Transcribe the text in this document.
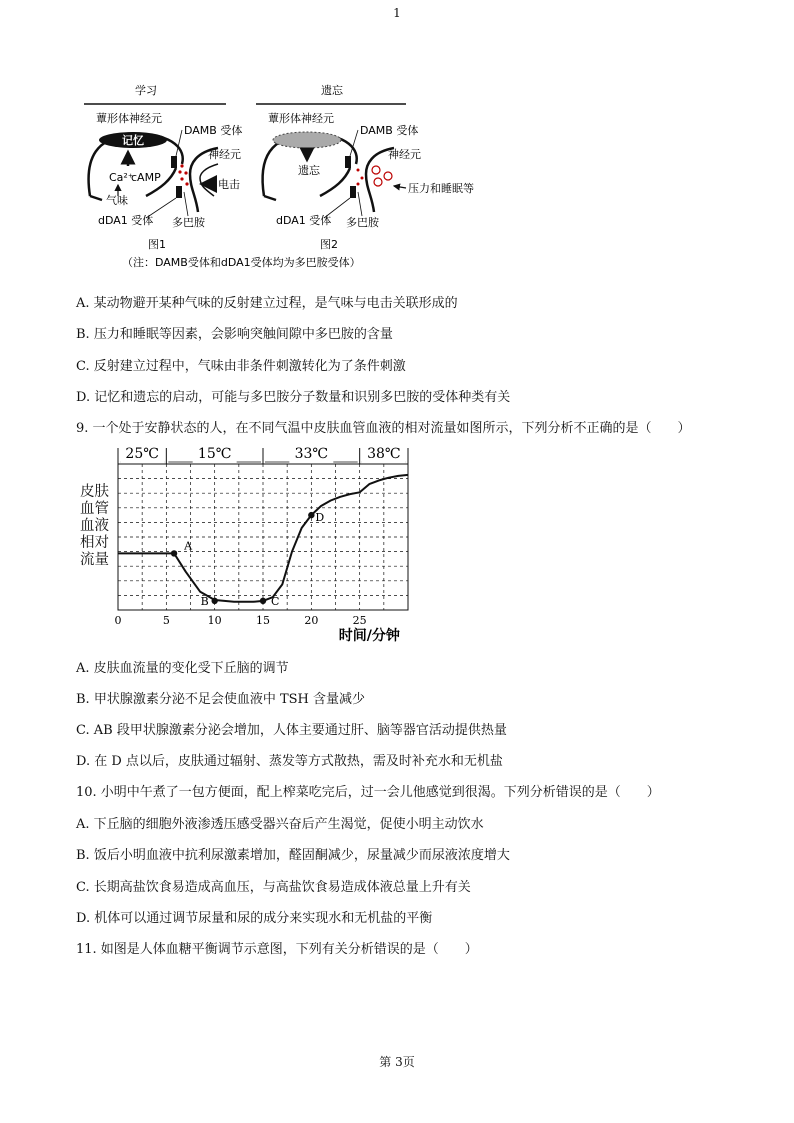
1
学习
蕈形体神经元
记忆
Ca²⁺
cAMP
气味
DAMB 受体
神经元
电击
dDA1 受体 多巴胺
图1
遗忘
蕈形体神经元
遗忘
DAMB 受体
神经元
压力和睡眠等
dDA1 受体 多巴胺
图2
（注：DAMB受体和dDA1受体均为多巴胺受体）
A. 某动物避开某种气味的反射建立过程，是气味与电击关联形成的
B. 压力和睡眠等因素，会影响突触间隙中多巴胺的含量
C. 反射建立过程中，气味由非条件刺激转化为了条件刺激
D. 记忆和遗忘的启动，可能与多巴胺分子数量和识别多巴胺的受体种类有关
9. 一个处于安静状态的人，在不同气温中皮肤血管血液的相对流量如图所示，下列分析不正确的是（　　）
皮肤血管血液相对流量
25℃	15℃	33℃	38℃
0	5	10	15	20	25
时间/分钟
A
B	C
D
A. 皮肤血流量的变化受下丘脑的调节
B. 甲状腺激素分泌不足会使血液中 TSH 含量减少
C. AB 段甲状腺激素分泌会增加，人体主要通过肝、脑等器官活动提供热量
D. 在 D 点以后，皮肤通过辐射、蒸发等方式散热，需及时补充水和无机盐
10. 小明中午煮了一包方便面，配上榨菜吃完后，过一会儿他感觉到很渴。下列分析错误的是（　　）
A. 下丘脑的细胞外液渗透压感受器兴奋后产生渴觉，促使小明主动饮水
B. 饭后小明血液中抗利尿激素增加，醛固酮减少，尿量减少而尿液浓度增大
C. 长期高盐饮食易造成高血压，与高盐饮食易造成体液总量上升有关
D. 机体可以通过调节尿量和尿的成分来实现水和无机盐的平衡
11. 如图是人体血糖平衡调节示意图，下列有关分析错误的是（　　）
第 3页
